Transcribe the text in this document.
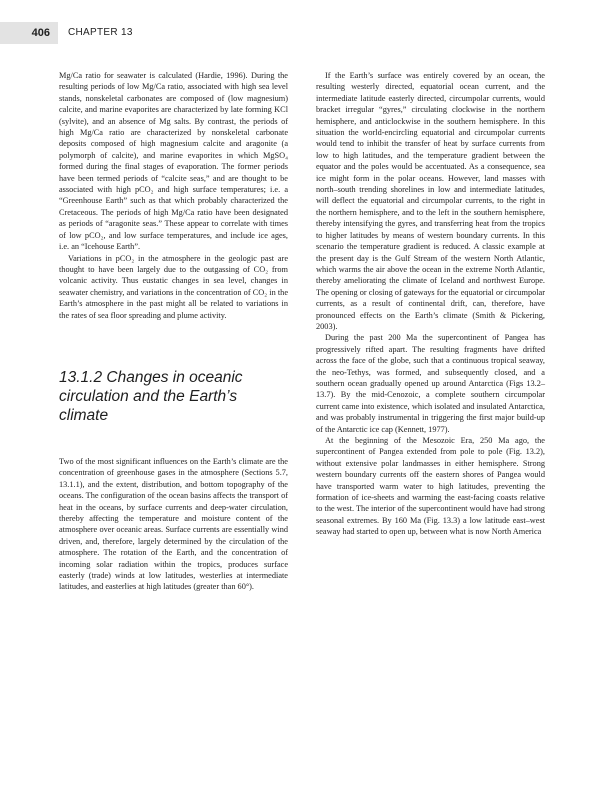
406	CHAPTER 13

Mg/Ca ratio for seawater is calculated (Hardie, 1996). During the resulting periods of low Mg/Ca ratio, associated with high sea level stands, nonskeletal carbonates are composed of (low magnesium) calcite, and marine evaporites are characterized by late forming KCl (sylvite), and an absence of Mg salts. By contrast, the periods of high Mg/Ca ratio are characterized by nonskeletal carbonate deposits composed of high magnesium calcite and aragonite (a polymorph of calcite), and marine evaporites in which MgSO₄ formed during the final stages of evaporation. The former periods have been termed periods of “calcite seas,” and are thought to be associated with high pCO₂ and high surface temperatures; i.e. a “Greenhouse Earth” such as that which probably characterized the Cretaceous. The periods of high Mg/Ca ratio have been designated as periods of “aragonite seas.” These appear to correlate with times of low pCO₂, and low surface temperatures, and include ice ages, i.e. an “Icehouse Earth”.

Variations in pCO₂ in the atmosphere in the geologic past are thought to have been largely due to the outgassing of CO₂ from volcanic activity. Thus eustatic changes in sea level, changes in seawater chemistry, and variations in the concentration of CO₂ in the Earth’s atmosphere in the past might all be related to variations in the rates of sea floor spreading and plume activity.

13.1.2 Changes in oceanic circulation and the Earth’s climate

Two of the most significant influences on the Earth’s climate are the concentration of greenhouse gases in the atmosphere (Sections 5.7, 13.1.1), and the extent, distribution, and bottom topography of the oceans. The configuration of the ocean basins affects the transport of heat in the oceans, by surface currents and deep-water circulation, thereby affecting the temperature and moisture content of the atmosphere over oceanic areas. Surface currents are essentially wind driven, and, therefore, largely determined by the circulation of the atmosphere. The rotation of the Earth, and the concentration of incoming solar radiation within the tropics, produces surface easterly (trade) winds at low latitudes, westerlies at intermediate latitudes, and easterlies at high latitudes (greater than 60°).

If the Earth’s surface was entirely covered by an ocean, the resulting westerly directed, equatorial ocean current, and the intermediate latitude easterly directed, circumpolar currents, would bracket irregular “gyres,” circulating clockwise in the northern hemisphere, and anticlockwise in the southern hemisphere. In this situation the world-encircling equatorial and circumpolar currents would tend to inhibit the transfer of heat by surface currents from low to high latitudes, and the temperature gradient between the equator and the poles would be accentuated. As a consequence, sea ice might form in the polar oceans. However, land masses with north–south trending shorelines in low and intermediate latitudes, will deflect the equatorial and circumpolar currents, to the right in the northern hemisphere, and to the left in the southern hemisphere, thereby intensifying the gyres, and transferring heat from the tropics to higher latitudes by means of western boundary currents. In this scenario the temperature gradient is reduced. A classic example at the present day is the Gulf Stream of the western North Atlantic, which warms the air above the ocean in the extreme North Atlantic, thereby ameliorating the climate of Iceland and northwest Europe. The opening or closing of gateways for the equatorial or circumpolar currents, as a result of continental drift, can, therefore, have pronounced effects on the Earth’s climate (Smith & Pickering, 2003).

During the past 200 Ma the supercontinent of Pangea has progressively rifted apart. The resulting fragments have drifted across the face of the globe, such that a continuous tropical seaway, the neo-Tethys, was formed, and subsequently closed, and a southern ocean gradually opened up around Antarctica (Figs 13.2–13.7). By the mid-Cenozoic, a complete southern circumpolar current came into existence, which isolated and insulated Antarctica, and was probably instrumental in triggering the first major build-up of the Antarctic ice cap (Kennett, 1977).

At the beginning of the Mesozoic Era, 250 Ma ago, the supercontinent of Pangea extended from pole to pole (Fig. 13.2), without extensive polar landmasses in either hemisphere. Strong western boundary currents off the eastern shores of Pangea would have transported warm water to high latitudes, preventing the formation of ice-sheets and warming the east-facing coasts relative to the west. The interior of the supercontinent would have had strong seasonal extremes. By 160 Ma (Fig. 13.3) a low latitude east–west seaway had started to open up, between what is now North America
